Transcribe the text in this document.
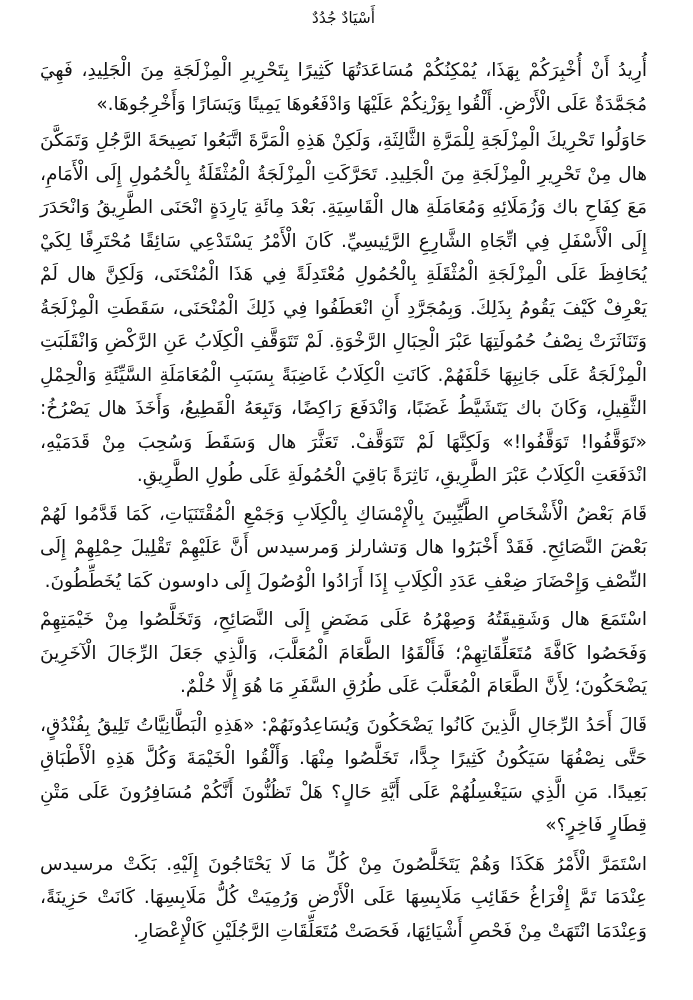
أَسْيَادٌ جُدُدٌ

أُرِيدُ أَنْ أُخْبِرَكُمْ بِهَذَا، يُمْكِنُكُمْ مُسَاعَدَتُهَا كَثِيرًا بِتَحْرِيرِ الْمِزْلَجَةِ مِنَ الْجَلِيدِ، فَهِيَ مُجَمَّدَةٌ عَلَى الْأَرْضِ. أَلْقُوا بِوَزْنِكُمْ عَلَيْهَا وَادْفَعُوهَا يَمِينًا وَيَسَارًا وَأَخْرِجُوهَا.»

حَاوَلُوا تَحْرِيكَ الْمِزْلَجَةِ لِلْمَرَّةِ الثَّالِثَةِ، وَلَكِنْ هَذِهِ الْمَرَّةَ اتَّبَعُوا نَصِيحَةَ الرَّجُلِ وَتَمَكَّنَ هال مِنْ تَحْرِيرِ الْمِزْلَجَةِ مِنَ الْجَلِيدِ. تَحَرَّكَتِ الْمِزْلَجَةُ الْمُثْقَلَةُ بِالْحُمُولِ إِلَى الْأَمَامِ، مَعَ كِفَاحِ باك وَزُمَلَائِهِ وَمُعَامَلَةِ هال الْقَاسِيَةِ. بَعْدَ مِائَةِ يَارِدَةٍ انْحَنَى الطَّرِيقُ وَانْحَدَرَ إِلَى الْأَسْفَلِ فِي اتِّجَاهِ الشَّارِعِ الرَّئِيسِيِّ. كَانَ الْأَمْرُ يَسْتَدْعِي سَائِقًا مُحْتَرِفًا لِكَيْ يُحَافِظَ عَلَى الْمِزْلَجَةِ الْمُثْقَلَةِ بِالْحُمُولِ مُعْتَدِلَةً فِي هَذَا الْمُنْحَنَى، وَلَكِنَّ هال لَمْ يَعْرِفْ كَيْفَ يَقُومُ بِذَلِكَ. وَبِمُجَرَّدِ أَنِ انْعَطَفُوا فِي ذَلِكَ الْمُنْحَنَى، سَقَطَتِ الْمِزْلَجَةُ وَتَنَاثَرَتْ نِصْفُ حُمُولَتِهَا عَبْرَ الْحِبَالِ الرَّخْوَةِ. لَمْ تَتَوَقَّفِ الْكِلَابُ عَنِ الرَّكْضِ وَانْقَلَبَتِ الْمِزْلَجَةُ عَلَى جَانِبِهَا خَلْفَهُمْ. كَانَتِ الْكِلَابُ غَاضِبَةً بِسَبَبِ الْمُعَامَلَةِ السَّيِّئَةِ وَالْحِمْلِ الثَّقِيلِ، وَكَانَ باك يَتَشَيَّطُ غَضَبًا، وَانْدَفَعَ رَاكِضًا، وَتَبِعَهُ الْقَطِيعُ، وَأَخَذَ هال يَصْرُخُ: «تَوَقَّفُوا! تَوَقَّفُوا!» وَلَكِنَّهَا لَمْ تَتَوَقَّفْ. تَعَثَّرَ هال وَسَقَطَ وَسُحِبَ مِنْ قَدَمَيْهِ، انْدَفَعَتِ الْكِلَابُ عَبْرَ الطَّرِيقِ، نَاثِرَةً بَاقِيَ الْحُمُولَةِ عَلَى طُولِ الطَّرِيقِ.

قَامَ بَعْضُ الْأَشْخَاصِ الطَّيِّبِينَ بِالْإِمْسَاكِ بِالْكِلَابِ وَجَمْعِ الْمُقْتَنَيَاتِ، كَمَا قَدَّمُوا لَهُمْ بَعْضَ النَّصَائِحِ. فَقَدْ أَخْبَرُوا هال وَتشارلز وَمرسيدس أَنَّ عَلَيْهِمْ تَقْلِيلَ حِمْلِهِمْ إِلَى النِّصْفِ وَإِحْضَارَ ضِعْفِ عَدَدِ الْكِلَابِ إِذَا أَرَادُوا الْوُصُولَ إِلَى داوسون كَمَا يُخَطِّطُونَ.

اسْتَمَعَ هال وَشَقِيقَتُهُ وَصِهْرُهُ عَلَى مَضَضٍ إِلَى النَّصَائِحِ، وَتَخَلَّصُوا مِنْ خَيْمَتِهِمْ وَفَحَصُوا كَافَّةَ مُتَعَلِّقَاتِهِمْ؛ فَأَلْقَوُا الطَّعَامَ الْمُعَلَّبَ، وَالَّذِي جَعَلَ الرِّجَالَ الْآخَرِينَ يَضْحَكُونَ؛ لِأَنَّ الطَّعَامَ الْمُعَلَّبَ عَلَى طُرُقِ السَّفَرِ مَا هُوَ إِلَّا حُلْمٌ.

قَالَ أَحَدُ الرِّجَالِ الَّذِينَ كَانُوا يَضْحَكُونَ وَيُسَاعِدُونَهُمْ: «هَذِهِ الْبَطَّانِيَّاتُ تَلِيقُ بِفُنْدُقٍ، حَتَّى نِصْفُهَا سَيَكُونُ كَثِيرًا جِدًّا، تَخَلَّصُوا مِنْهَا. وَأَلْقُوا الْخَيْمَةَ وَكُلَّ هَذِهِ الْأَطْبَاقِ بَعِيدًا. مَنِ الَّذِي سَيَغْسِلُهُمْ عَلَى أَيَّةِ حَالٍ؟ هَلْ تَظُنُّونَ أَنَّكُمْ مُسَافِرُونَ عَلَى مَتْنِ قِطَارٍ فَاخِرٍ؟»

اسْتَمَرَّ الْأَمْرُ هَكَذَا وَهُمْ يَتَخَلَّصُونَ مِنْ كُلِّ مَا لَا يَحْتَاجُونَ إِلَيْهِ. بَكَتْ مرسيدس عِنْدَمَا تَمَّ إِفْرَاغُ حَقَائِبِ مَلَابِسِهَا عَلَى الْأَرْضِ وَرُمِيَتْ كُلُّ مَلَابِسِهَا. كَانَتْ حَزِينَةً، وَعِنْدَمَا انْتَهَتْ مِنْ فَحْصِ أَشْيَائِهَا، فَحَصَتْ مُتَعَلِّقَاتِ الرَّجُلَيْنِ كَالْإِعْصَارِ.
